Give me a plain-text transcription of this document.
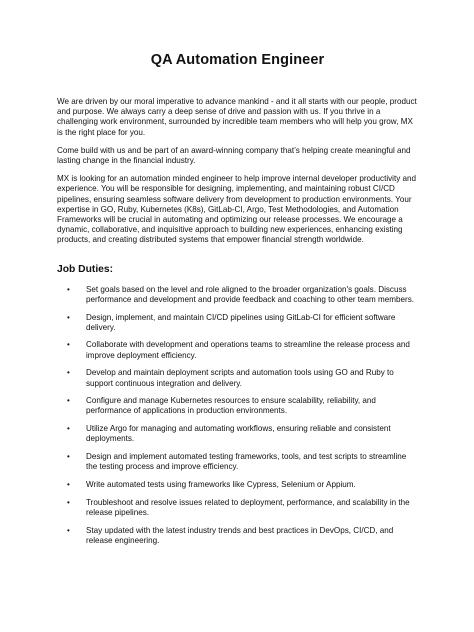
QA Automation Engineer

We are driven by our moral imperative to advance mankind - and it all starts with our people, product and purpose. We always carry a deep sense of drive and passion with us. If you thrive in a challenging work environment, surrounded by incredible team members who will help you grow, MX is the right place for you.

Come build with us and be part of an award-winning company that’s helping create meaningful and lasting change in the financial industry.

MX is looking for an automation minded engineer to help improve internal developer productivity and experience. You will be responsible for designing, implementing, and maintaining robust CI/CD pipelines, ensuring seamless software delivery from development to production environments. Your expertise in GO, Ruby, Kubernetes (K8s), GitLab-CI, Argo, Test Methodologies, and Automation Frameworks will be crucial in automating and optimizing our release processes. We encourage a dynamic, collaborative, and inquisitive approach to building new experiences, enhancing existing products, and creating distributed systems that empower financial strength worldwide.

Job Duties:
• Set goals based on the level and role aligned to the broader organization's goals. Discuss performance and development and provide feedback and coaching to other team members.
• Design, implement, and maintain CI/CD pipelines using GitLab-CI for efficient software delivery.
• Collaborate with development and operations teams to streamline the release process and improve deployment efficiency.
• Develop and maintain deployment scripts and automation tools using GO and Ruby to support continuous integration and delivery.
• Configure and manage Kubernetes resources to ensure scalability, reliability, and performance of applications in production environments.
• Utilize Argo for managing and automating workflows, ensuring reliable and consistent deployments.
• Design and implement automated testing frameworks, tools, and test scripts to streamline the testing process and improve efficiency.
• Write automated tests using frameworks like Cypress, Selenium or Appium.
• Troubleshoot and resolve issues related to deployment, performance, and scalability in the release pipelines.
• Stay updated with the latest industry trends and best practices in DevOps, CI/CD, and release engineering.
